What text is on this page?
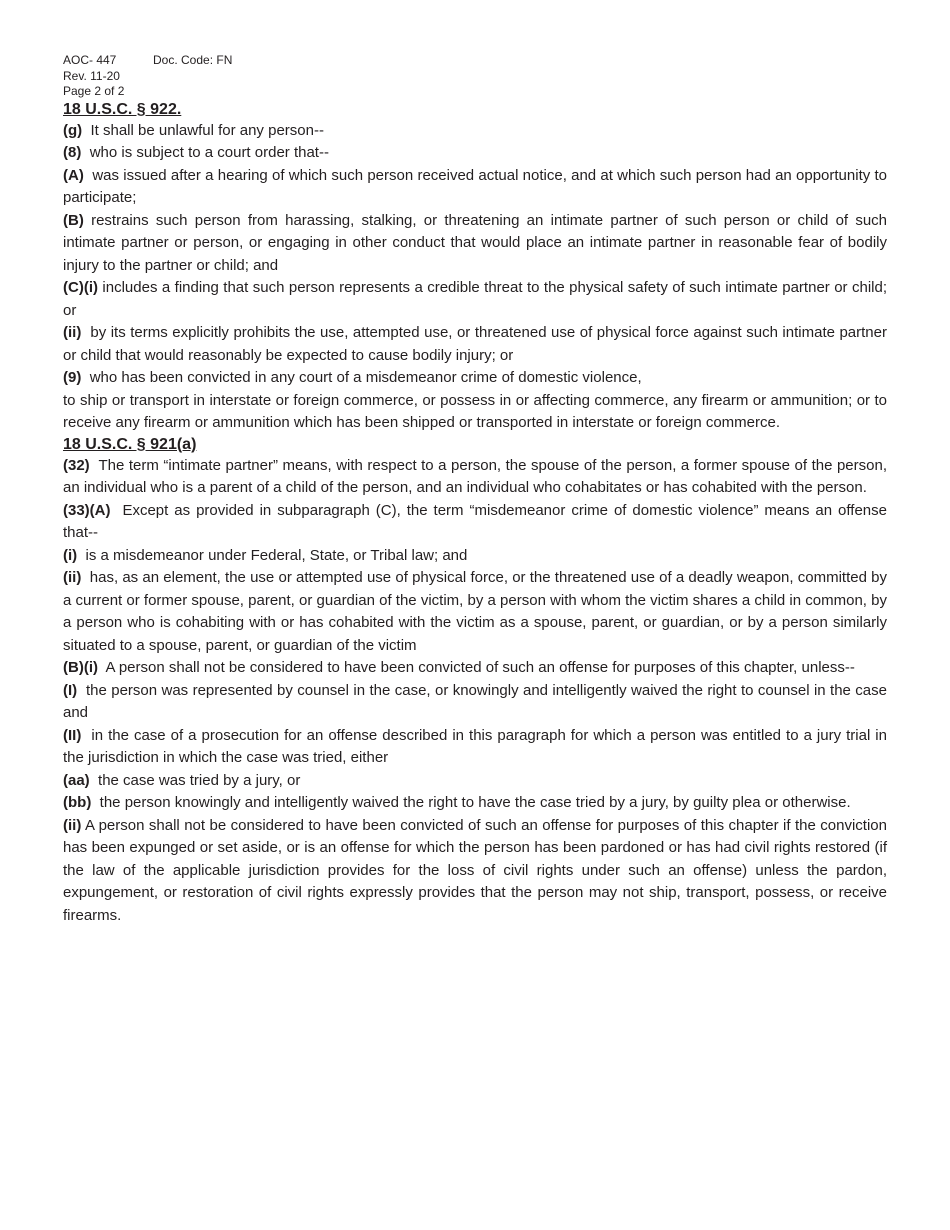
AOC- 447	Doc. Code: FN
Rev. 11-20
Page 2 of 2
18 U.S.C. § 922.

(g) It shall be unlawful for any person--

(8) who is subject to a court order that--

(A) was issued after a hearing of which such person received actual notice, and at which such person had an opportunity to participate;

(B) restrains such person from harassing, stalking, or threatening an intimate partner of such person or child of such intimate partner or person, or engaging in other conduct that would place an intimate partner in reasonable fear of bodily injury to the partner or child; and

(C)(i) includes a finding that such person represents a credible threat to the physical safety of such intimate partner or child; or

(ii) by its terms explicitly prohibits the use, attempted use, or threatened use of physical force against such intimate partner or child that would reasonably be expected to cause bodily injury; or

(9) who has been convicted in any court of a misdemeanor crime of domestic violence,

to ship or transport in interstate or foreign commerce, or possess in or affecting commerce, any firearm or ammunition; or to receive any firearm or ammunition which has been shipped or transported in interstate or foreign commerce.

18 U.S.C. § 921(a)

(32) The term “intimate partner” means, with respect to a person, the spouse of the person, a former spouse of the person, an individual who is a parent of a child of the person, and an individual who cohabitates or has cohabited with the person.

(33)(A) Except as provided in subparagraph (C), the term “misdemeanor crime of domestic violence” means an offense that--

(i) is a misdemeanor under Federal, State, or Tribal law; and

(ii) has, as an element, the use or attempted use of physical force, or the threatened use of a deadly weapon, committed by a current or former spouse, parent, or guardian of the victim, by a person with whom the victim shares a child in common, by a person who is cohabiting with or has cohabited with the victim as a spouse, parent, or guardian, or by a person similarly situated to a spouse, parent, or guardian of the victim

(B)(i) A person shall not be considered to have been convicted of such an offense for purposes of this chapter, unless--

(I) the person was represented by counsel in the case, or knowingly and intelligently waived the right to counsel in the case and

(II) in the case of a prosecution for an offense described in this paragraph for which a person was entitled to a jury trial in the jurisdiction in which the case was tried, either

(aa) the case was tried by a jury, or

(bb) the person knowingly and intelligently waived the right to have the case tried by a jury, by guilty plea or otherwise.

(ii) A person shall not be considered to have been convicted of such an offense for purposes of this chapter if the conviction has been expunged or set aside, or is an offense for which the person has been pardoned or has had civil rights restored (if the law of the applicable jurisdiction provides for the loss of civil rights under such an offense) unless the pardon, expungement, or restoration of civil rights expressly provides that the person may not ship, transport, possess, or receive firearms.
